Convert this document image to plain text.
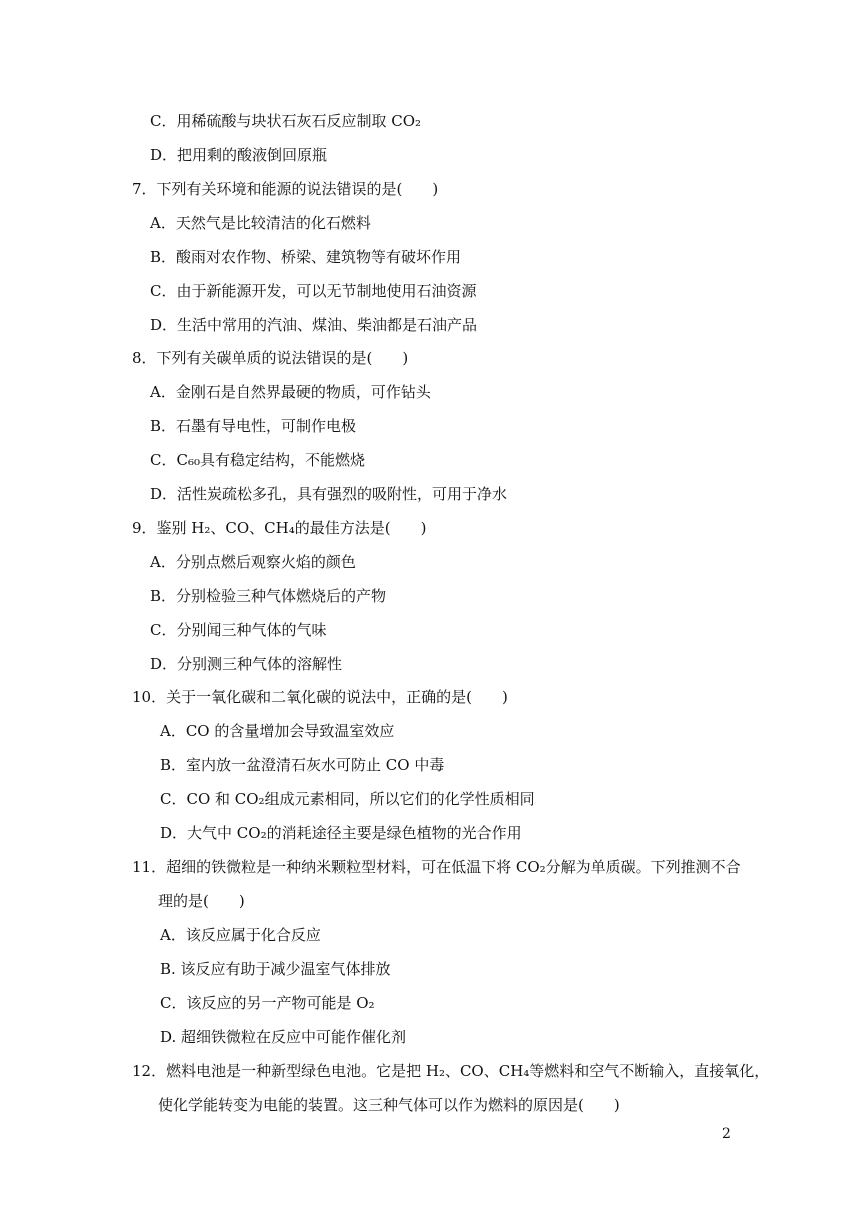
C．用稀硫酸与块状石灰石反应制取 CO₂
D．把用剩的酸液倒回原瓶
7．下列有关环境和能源的说法错误的是(　　)
A．天然气是比较清洁的化石燃料
B．酸雨对农作物、桥梁、建筑物等有破坏作用
C．由于新能源开发，可以无节制地使用石油资源
D．生活中常用的汽油、煤油、柴油都是石油产品
8．下列有关碳单质的说法错误的是(　　)
A．金刚石是自然界最硬的物质，可作钻头
B．石墨有导电性，可制作电极
C．C₆₀具有稳定结构，不能燃烧
D．活性炭疏松多孔，具有强烈的吸附性，可用于净水
9．鉴别 H₂、CO、CH₄的最佳方法是(　　)
A．分别点燃后观察火焰的颜色
B．分别检验三种气体燃烧后的产物
C．分别闻三种气体的气味
D．分别测三种气体的溶解性
10．关于一氧化碳和二氧化碳的说法中，正确的是(　　)
A．CO 的含量增加会导致温室效应
B．室内放一盆澄清石灰水可防止 CO 中毒
C．CO 和 CO₂组成元素相同，所以它们的化学性质相同
D．大气中 CO₂的消耗途径主要是绿色植物的光合作用
11．超细的铁微粒是一种纳米颗粒型材料，可在低温下将 CO₂分解为单质碳。下列推测不合
理的是(　　)
A．该反应属于化合反应
B. 该反应有助于减少温室气体排放
C．该反应的另一产物可能是 O₂
D. 超细铁微粒在反应中可能作催化剂
12．燃料电池是一种新型绿色电池。它是把 H₂、CO、CH₄等燃料和空气不断输入，直接氧化，
使化学能转变为电能的装置。这三种气体可以作为燃料的原因是(　　)
2
